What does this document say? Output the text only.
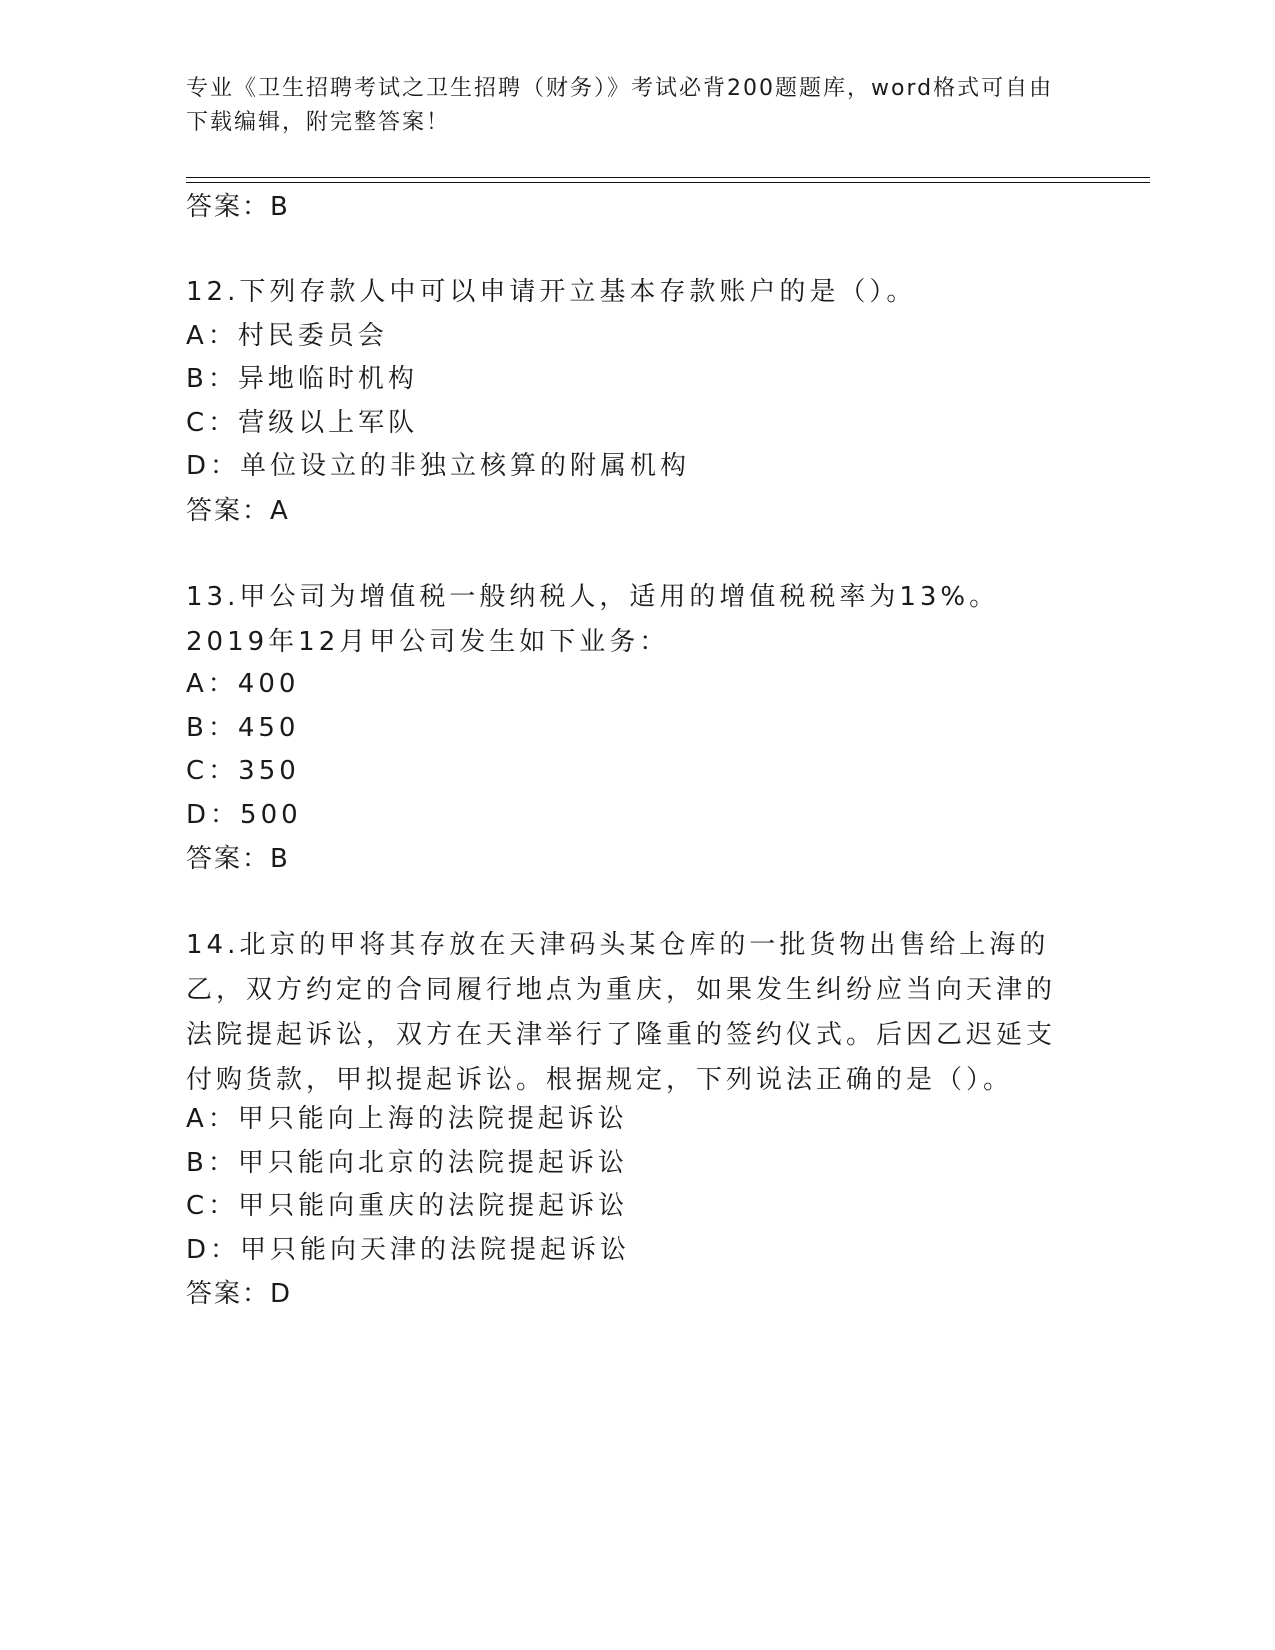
专业《卫生招聘考试之卫生招聘（财务）》考试必背200题题库，word格式可自由下载编辑，附完整答案！
答案：B
12.下列存款人中可以申请开立基本存款账户的是（）。
A：村民委员会
B：异地临时机构
C：营级以上军队
D：单位设立的非独立核算的附属机构
答案：A
13.甲公司为增值税一般纳税人，适用的增值税税率为13%。2019年12月甲公司发生如下业务：
A：400
B：450
C：350
D：500
答案：B
14.北京的甲将其存放在天津码头某仓库的一批货物出售给上海的乙，双方约定的合同履行地点为重庆，如果发生纠纷应当向天津的法院提起诉讼，双方在天津举行了隆重的签约仪式。后因乙迟延支付购货款，甲拟提起诉讼。根据规定，下列说法正确的是（）。
A：甲只能向上海的法院提起诉讼
B：甲只能向北京的法院提起诉讼
C：甲只能向重庆的法院提起诉讼
D：甲只能向天津的法院提起诉讼
答案：D
